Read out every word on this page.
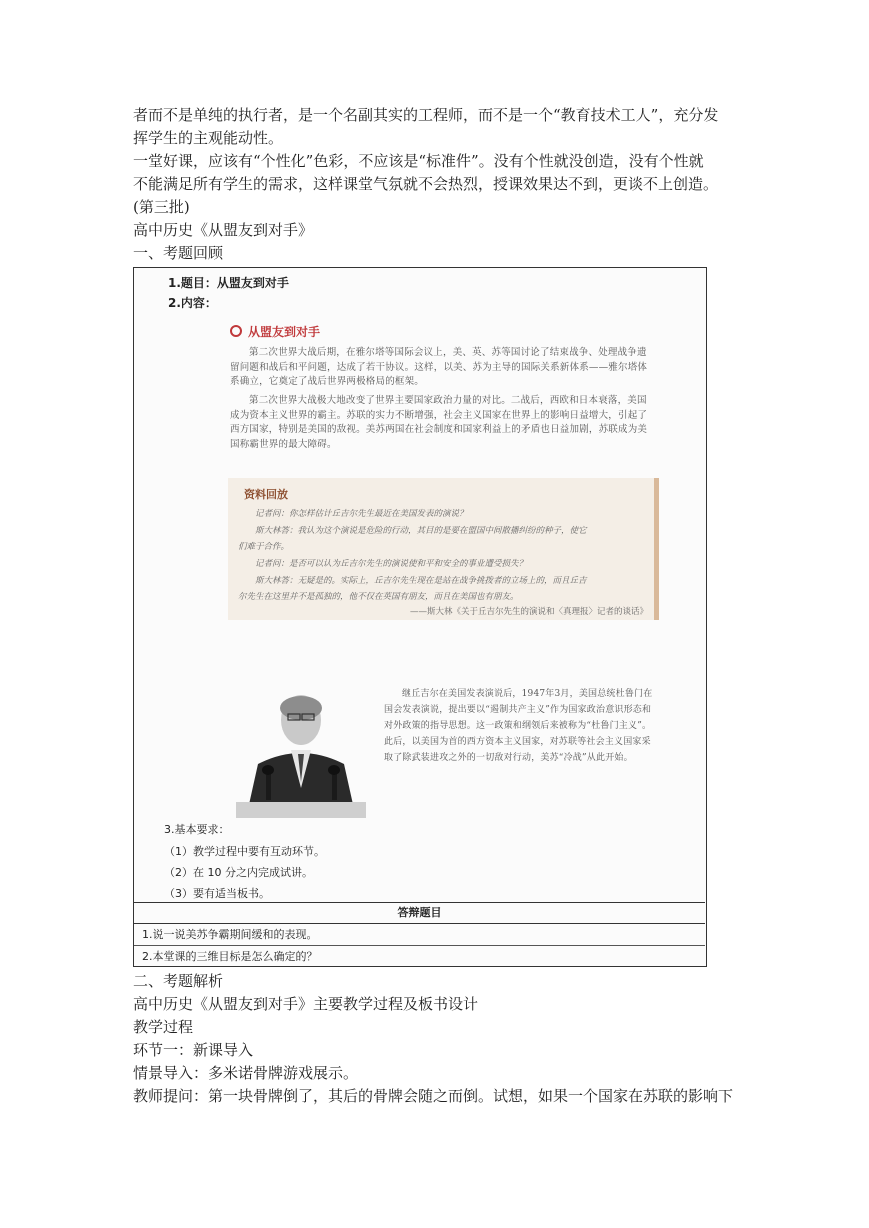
者而不是单纯的执行者，是一个名副其实的工程师，而不是一个“教育技术工人”，充分发
挥学生的主观能动性。
一堂好课，应该有“个性化”色彩，不应该是“标准件”。没有个性就没创造，没有个性就
不能满足所有学生的需求，这样课堂气氛就不会热烈，授课效果达不到，更谈不上创造。
(第三批)
高中历史《从盟友到对手》
一、考题回顾
1.题目：从盟友到对手
2.内容：
从盟友到对手
第二次世界大战后期，在雅尔塔等国际会议上，美、英、苏等国讨论了结束战争、处理战争遗留问题和战后和平问题，达成了若干协议。这样，以美、苏为主导的国际关系新体系——雅尔塔体系确立，它奠定了战后世界两极格局的框架。
第二次世界大战极大地改变了世界主要国家政治力量的对比。二战后，西欧和日本衰落，美国成为资本主义世界的霸主。苏联的实力不断增强，社会主义国家在世界上的影响日益增大，引起了西方国家，特别是美国的敌视。美苏两国在社会制度和国家利益上的矛盾也日益加剧，苏联成为美国称霸世界的最大障碍。
资料回放
记者问：你怎样估计丘吉尔先生最近在美国发表的演说？
斯大林答：我认为这个演说是危险的行动，其目的是要在盟国中间散播纠纷的种子，使它
们难于合作。
记者问：是否可以认为丘吉尔先生的演说使和平和安全的事业遭受损失？
斯大林答：无疑是的。实际上，丘吉尔先生现在是站在战争挑拨者的立场上的，而且丘吉
尔先生在这里并不是孤独的，他不仅在英国有朋友，而且在美国也有朋友。
——斯大林《关于丘吉尔先生的演说和〈真理报〉记者的谈话》
继丘吉尔在美国发表演说后，1947年3月，美国总统杜鲁门在国会发表演说，提出要以“遏制共产主义”作为国家政治意识形态和对外政策的指导思想。这一政策和纲领后来被称为“杜鲁门主义”。此后，以美国为首的西方资本主义国家，对苏联等社会主义国家采取了除武装进攻之外的一切敌对行动，美苏“冷战”从此开始。
3.基本要求：
（1）教学过程中要有互动环节。
（2）在 10 分之内完成试讲。
（3）要有适当板书。
答辩题目
1.说一说美苏争霸期间缓和的表现。
2.本堂课的三维目标是怎么确定的？
二、考题解析
高中历史《从盟友到对手》主要教学过程及板书设计
教学过程
环节一：新课导入
情景导入：多米诺骨牌游戏展示。
教师提问：第一块骨牌倒了，其后的骨牌会随之而倒。试想，如果一个国家在苏联的影响下
